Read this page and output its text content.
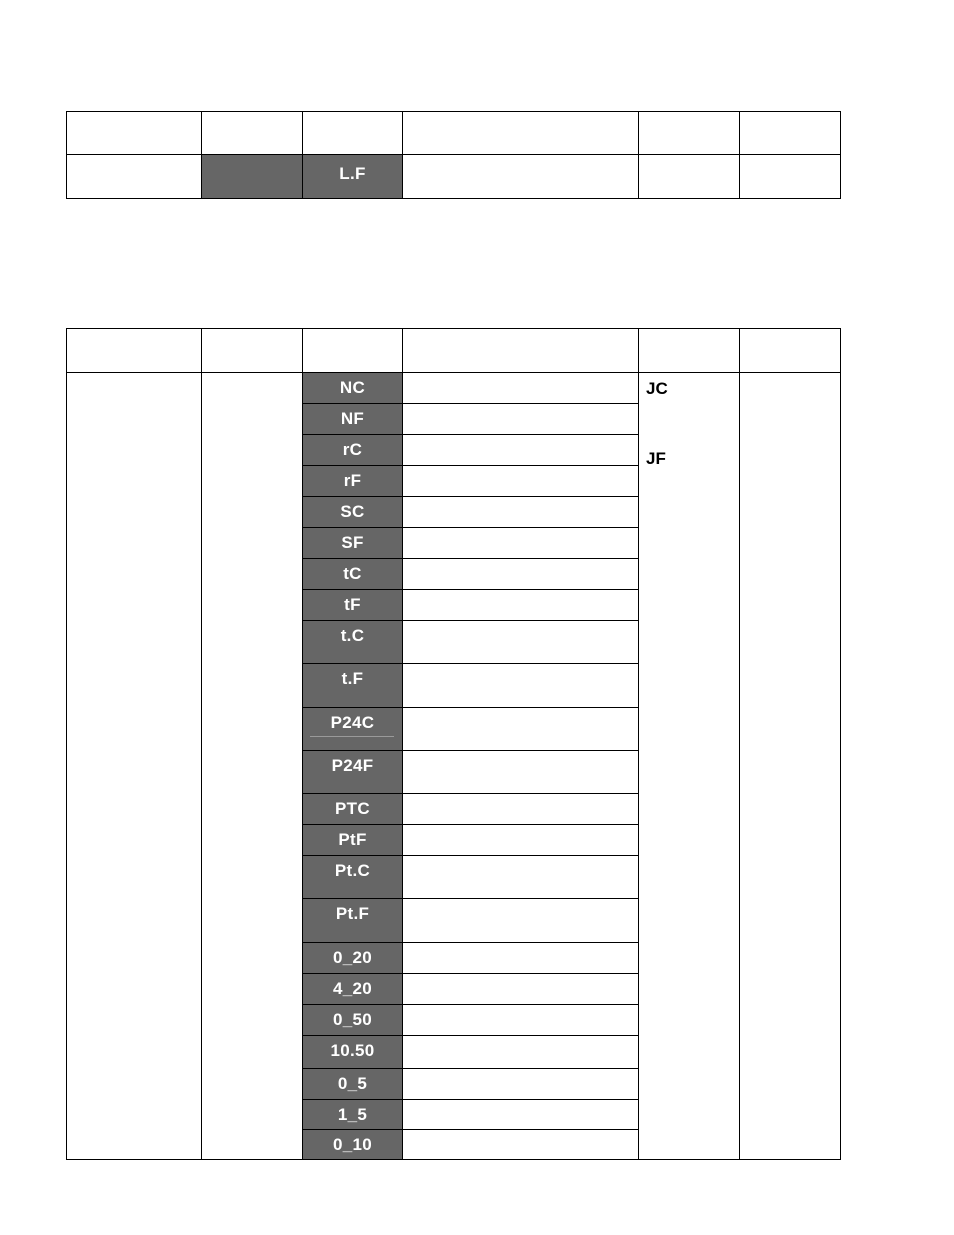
L.F
JC
JF
NC
NF
rC
rF
SC
SF
tC
tF
t.C
t.F
P24C
P24F
PTC
PtF
Pt.C
Pt.F
0_20
4_20
0_50
10.50
0_5
1_5
0_10
